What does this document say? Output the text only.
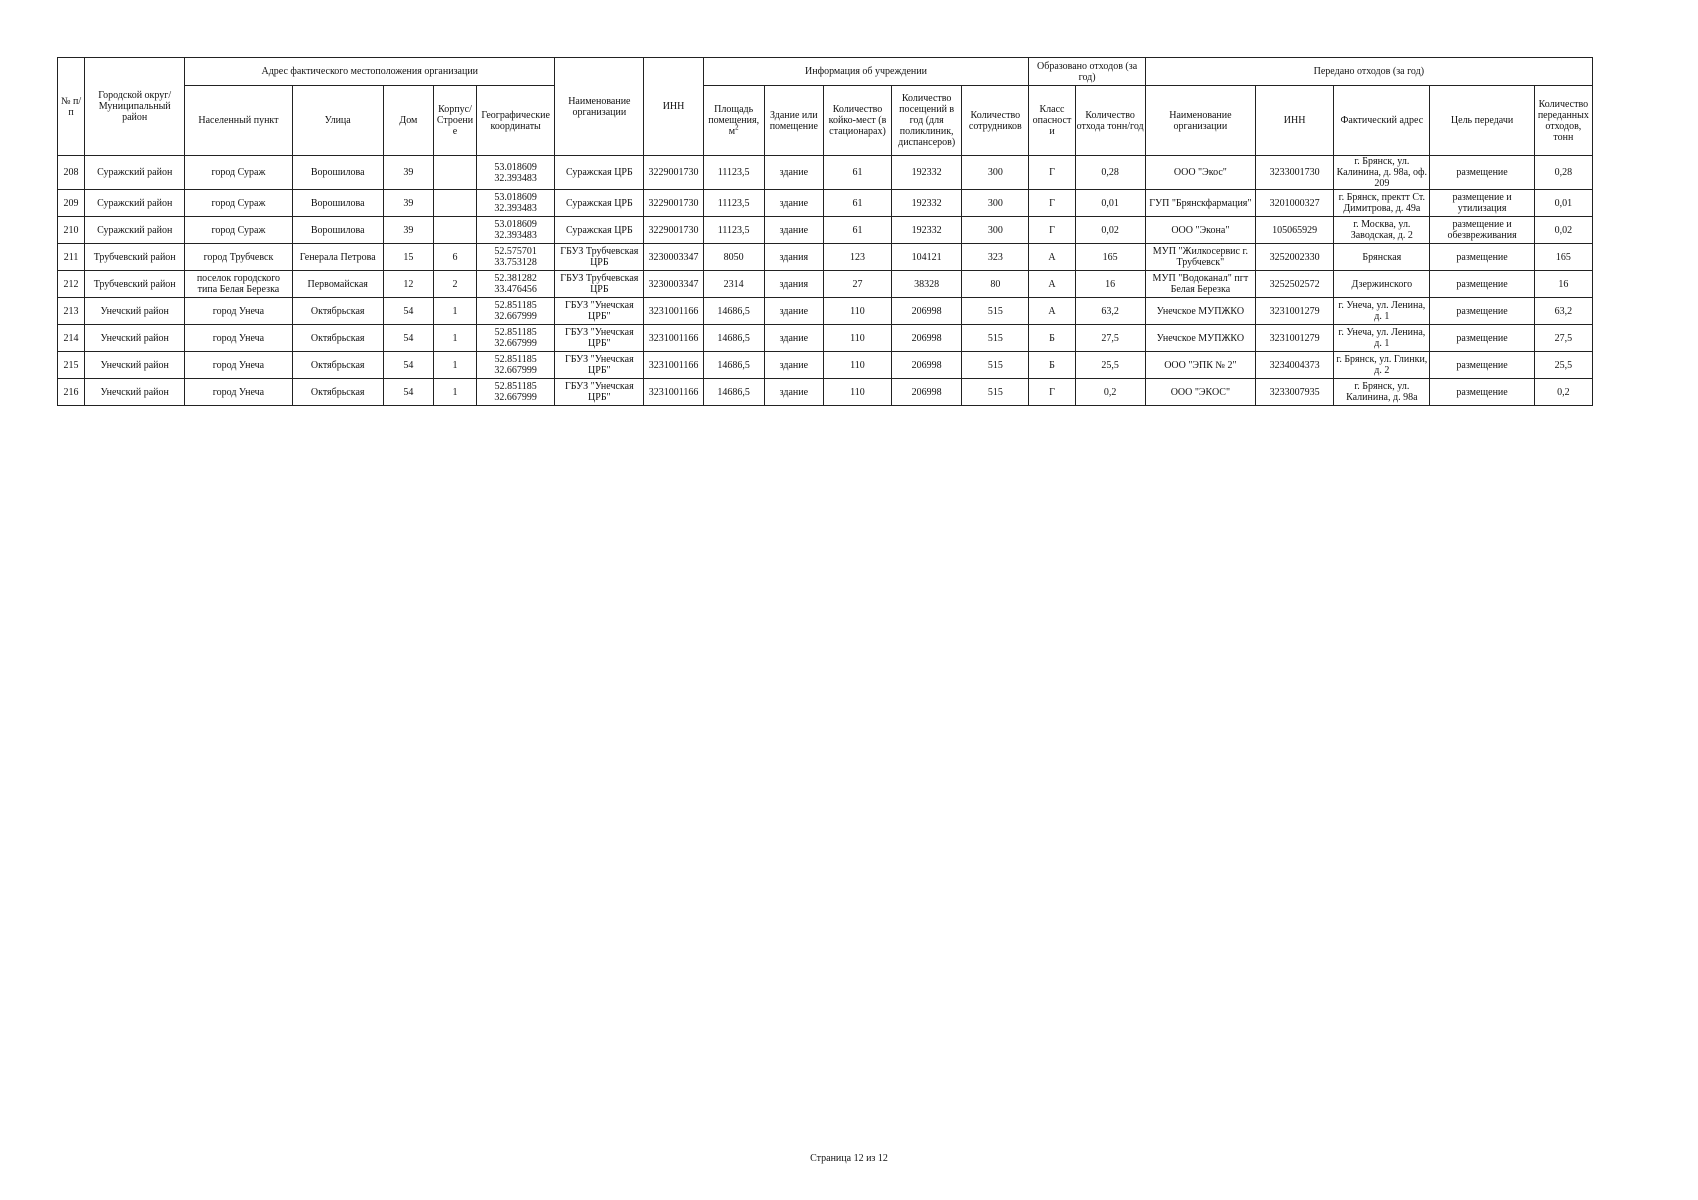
№ п/п	Городской округ/Муниципальный район	Адрес фактического местоположения организации					Наименование организации	ИНН	Информация об учреждении					Образовано отходов (за год)		Передано отходов (за год)				
		Населенный пункт	Улица	Дом	Корпус/Строение	Географические координаты			Площадь помещения, $м^2$	Здание или помещение	Количество койко-мест (в стационарах)	Количество посещений в год (для поликлиник, диспансеров)	Количество сотрудников	Класс опасности	Количество отхода тонн/год	Наименование организации	ИНН	Фактический адрес	Цель передачи	Количество переданных отходов, тонн
208	Суражский район	город Сураж	Ворошилова	39		53.018609 32.393483	Суражская ЦРБ	3229001730	11123,5	здание	61	192332	300	Г	0,28	ООО "Экос"	3233001730	г. Брянск, ул. Калинина, д. 98а, оф. 209	размещение	0,28
209	Суражский район	город Сураж	Ворошилова	39		53.018609 32.393483	Суражская ЦРБ	3229001730	11123,5	здание	61	192332	300	Г	0,01	ГУП "Брянскфармация"	3201000327	г. Брянск, пректт Ст. Димитрова, д. 49а	размещение и утилизация	0,01
210	Суражский район	город Сураж	Ворошилова	39		53.018609 32.393483	Суражская ЦРБ	3229001730	11123,5	здание	61	192332	300	Г	0,02	ООО "Экона"	105065929	г. Москва, ул. Заводская, д. 2	размещение и обезвреживания	0,02
211	Трубчевский район	город Трубчевск	Генерала Петрова	15	6	52.575701 33.753128	ГБУЗ Трубчевская ЦРБ	3230003347	8050	здания	123	104121	323	А	165	МУП "Жилкосервис г. Трубчевск"	3252002330	Брянская	размещение	165
212	Трубчевский район	поселок городского типа Белая Березка	Первомайская	12	2	52.381282 33.476456	ГБУЗ Трубчевская ЦРБ	3230003347	2314	здания	27	38328	80	А	16	МУП "Водоканал" пгт Белая Березка	3252502572	Дзержинского	размещение	16
213	Унечский район	город Унеча	Октябрьская	54	1	52.851185 32.667999	ГБУЗ "Унечская ЦРБ"	3231001166	14686,5	здание	110	206998	515	А	63,2	Унечское МУПЖКО	3231001279	г. Унеча, ул. Ленина, д. 1	размещение	63,2
214	Унечский район	город Унеча	Октябрьская	54	1	52.851185 32.667999	ГБУЗ "Унечская ЦРБ"	3231001166	14686,5	здание	110	206998	515	Б	27,5	Унечское МУПЖКО	3231001279	г. Унеча, ул. Ленина, д. 1	размещение	27,5
215	Унечский район	город Унеча	Октябрьская	54	1	52.851185 32.667999	ГБУЗ "Унечская ЦРБ"	3231001166	14686,5	здание	110	206998	515	Б	25,5	ООО "ЭПК № 2"	3234004373	г. Брянск, ул. Глинки, д. 2	размещение	25,5
216	Унечский район	город Унеча	Октябрьская	54	1	52.851185 32.667999	ГБУЗ "Унечская ЦРБ"	3231001166	14686,5	здание	110	206998	515	Г	0,2	ООО "ЭКОС"	3233007935	г. Брянск, ул. Калинина, д. 98а	размещение	0,2
Страница 12 из 12
